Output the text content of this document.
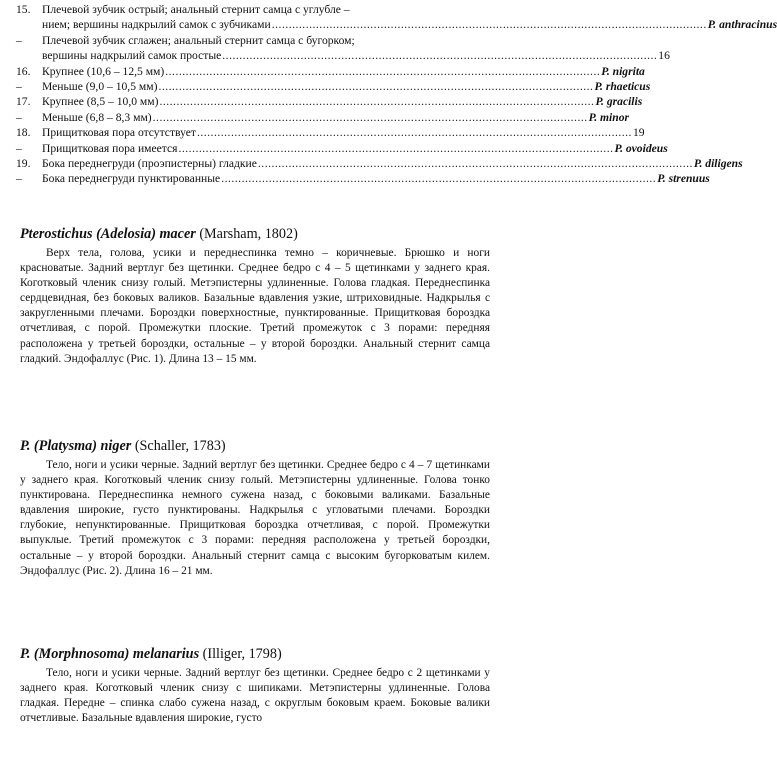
15. Плечевой зубчик острый; анальный стернит самца с углубле –
нием; вершины надкрылий самок с зубчиками ................................................................................................................................ P. anthracinus
–	Плечевой зубчик сглажен; анальный стернит самца с бугорком;
вершины надкрылий самок простые ................................................................................................................................ 16
16. Крупнее (10,6 – 12,5 мм) ................................................................................................................................ P. nigrita
–	Меньше (9,0 – 10,5 мм) ................................................................................................................................ P. rhaeticus
17. Крупнее (8,5 – 10,0 мм) ................................................................................................................................ P. gracilis
–	Меньше (6,8 – 8,3 мм) ................................................................................................................................ P. minor
18. Прищитковая пора отсутствует ................................................................................................................................ 19
–	Прищитковая пора имеется ................................................................................................................................ P. ovoideus
19. Бока переднегруди (проэпистерны) гладкие ................................................................................................................................ P. diligens
–	Бока переднегруди пунктированные ................................................................................................................................ P. strenuus
Pterostichus (Adelosia) macer (Marsham, 1802)

Верх тела, голова, усики и переднеспинка темно – коричневые. Брюшко и ноги красноватые. Задний вертлуг без щетинки. Среднее бедро с 4 – 5 щетинками у заднего края. Коготковый членик снизу голый. Метэпистерны удлиненные. Голова гладкая. Переднеспинка сердцевидная, без боковых валиков. Базальные вдавления узкие, штриховидные. Надкрылья с закругленными плечами. Бороздки поверхностные, пунктированные. Прищитковая бороздка отчетливая, с порой. Промежутки плоские. Третий промежуток с 3 порами: передняя расположена у третьей бороздки, остальные – у второй бороздки. Анальный стернит самца гладкий. Эндофаллус (Рис. 1). Длина 13 – 15 мм.

P. (Platysma) niger (Schaller, 1783)

Тело, ноги и усики черные. Задний вертлуг без щетинки. Среднее бедро с 4 – 7 щетинками у заднего края. Коготковый членик снизу голый. Метэпистерны удлиненные. Голова тонко пунктирована. Переднеспинка немного сужена назад, с боковыми валиками. Базальные вдавления широкие, густо пунктированы. Надкрылья с угловатыми плечами. Бороздки глубокие, непунктированные. Прищитковая бороздка отчетливая, с порой. Промежутки выпуклые. Третий промежуток с 3 порами: передняя расположена у третьей бороздки, остальные – у второй бороздки. Анальный стернит самца с высоким бугорковатым килем. Эндофаллус (Рис. 2). Длина 16 – 21 мм.

P. (Morphnosoma) melanarius (Illiger, 1798)

Тело, ноги и усики черные. Задний вертлуг без щетинки. Среднее бедро с 2 щетинками у заднего края. Коготковый членик снизу с шипиками. Метэпистерны удлиненные. Голова гладкая. Передне – спинка слабо сужена назад, с округлым боковым краем. Боковые валики отчетливые. Базальные вдавления широкие, густо
